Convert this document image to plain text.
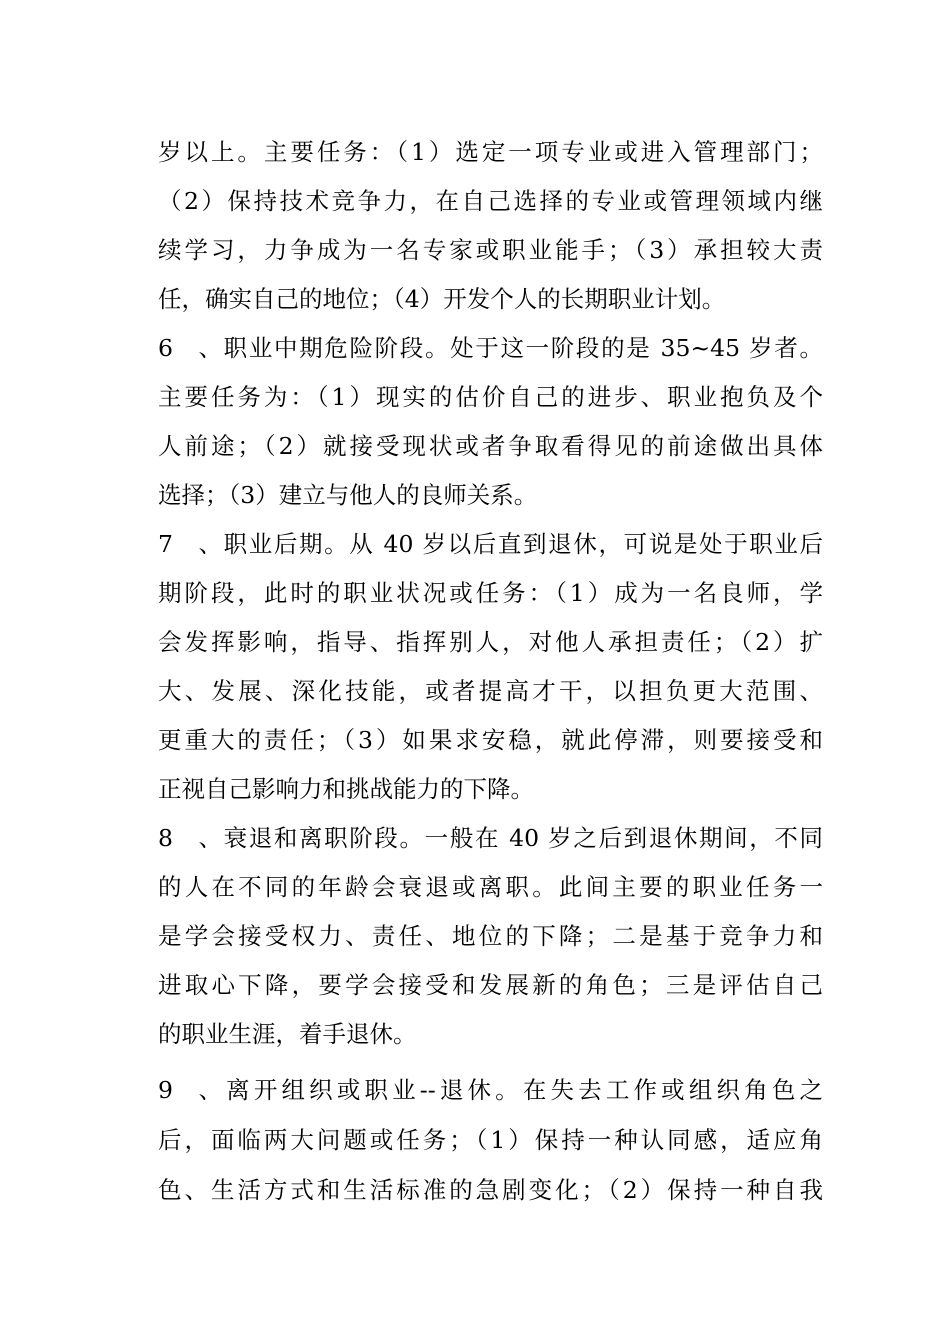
岁以上。主要任务：（1）选定一项专业或进入管理部门；
（2）保持技术竞争力，在自己选择的专业或管理领域内继
续学习，力争成为一名专家或职业能手；（3）承担较大责
任，确实自己的地位；（4）开发个人的长期职业计划。
6、职业中期危险阶段。处于这一阶段的是 35~45 岁者。
主要任务为：（1）现实的估价自己的进步、职业抱负及个
人前途；（2）就接受现状或者争取看得见的前途做出具体
选择；（3）建立与他人的良师关系。
7、职业后期。从 40 岁以后直到退休，可说是处于职业后
期阶段，此时的职业状况或任务：（1）成为一名良师，学
会发挥影响，指导、指挥别人，对他人承担责任；（2）扩
大、发展、深化技能，或者提高才干，以担负更大范围、
更重大的责任；（3）如果求安稳，就此停滞，则要接受和
正视自己影响力和挑战能力的下降。
8、衰退和离职阶段。一般在 40 岁之后到退休期间，不同
的人在不同的年龄会衰退或离职。此间主要的职业任务一
是学会接受权力、责任、地位的下降；二是基于竞争力和
进取心下降，要学会接受和发展新的角色；三是评估自己
的职业生涯，着手退休。
9、离开组织或职业--退休。在失去工作或组织角色之
后，面临两大问题或任务；（1）保持一种认同感，适应角
色、生活方式和生活标准的急剧变化；（2）保持一种自我
